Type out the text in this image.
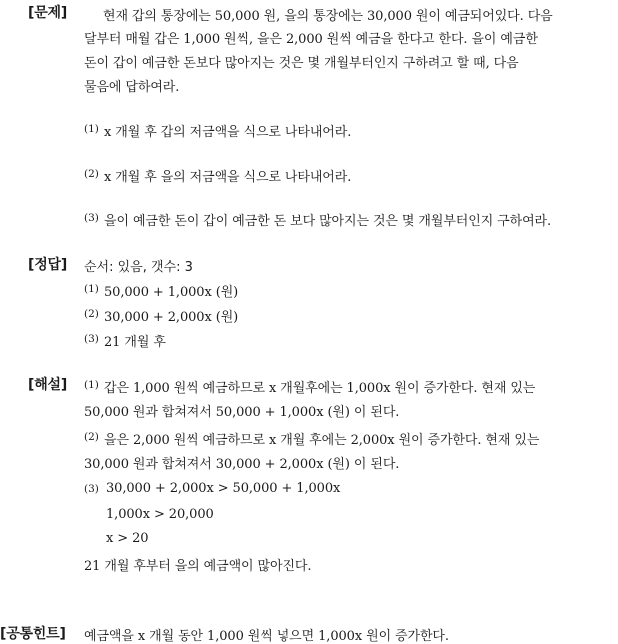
[문제]	현재 갑의 통장에는 50,000 원, 을의 통장에는 30,000 원이 예금되어있다. 다음
달부터 매월 갑은 1,000 원씩, 을은 2,000 원씩 예금을 한다고 한다. 을이 예금한
돈이 갑이 예금한 돈보다 많아지는 것은 몇 개월부터인지 구하려고 할 때, 다음
물음에 답하여라.
(1) x 개월 후 갑의 저금액을 식으로 나타내어라.
(2) x 개월 후 을의 저금액을 식으로 나타내어라.
(3) 을이 예금한 돈이 갑이 예금한 돈 보다 많아지는 것은 몇 개월부터인지 구하여라.
[정답] 순서: 있음, 갯수: 3
(1) 50,000 + 1,000x (원)
(2) 30,000 + 2,000x (원)
(3) 21 개월 후
[해설] (1) 갑은 1,000 원씩 예금하므로 x 개월후에는 1,000x 원이 증가한다. 현재 있는
50,000 원과 합쳐져서 50,000 + 1,000x (원) 이 된다.
(2) 을은 2,000 원씩 예금하므로 x 개월 후에는 2,000x 원이 증가한다. 현재 있는
30,000 원과 합쳐져서 30,000 + 2,000x (원) 이 된다.
(3) 30,000 + 2,000x > 50,000 + 1,000x
1,000x > 20,000
x > 20
21 개월 후부터 을의 예금액이 많아진다.
[공통힌트] 예금액을 x 개월 동안 1,000 원씩 넣으면 1,000x 원이 증가한다.
